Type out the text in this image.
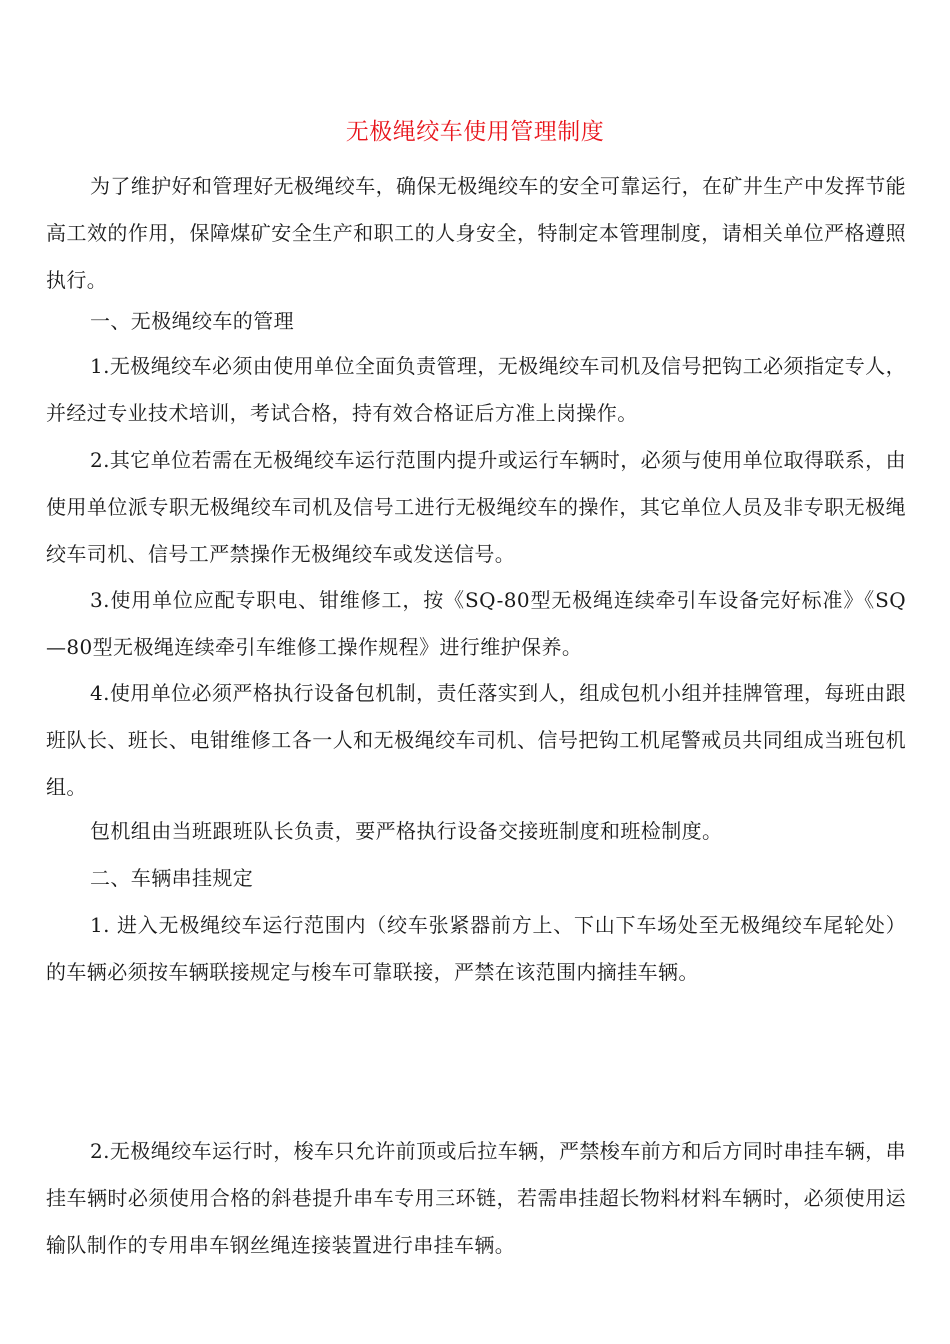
无极绳绞车使用管理制度
为了维护好和管理好无极绳绞车，确保无极绳绞车的安全可靠运行，在矿井生产中发挥节能高工效的作用，保障煤矿安全生产和职工的人身安全，特制定本管理制度，请相关单位严格遵照执行。
一、无极绳绞车的管理
1.无极绳绞车必须由使用单位全面负责管理，无极绳绞车司机及信号把钩工必须指定专人，并经过专业技术培训，考试合格，持有效合格证后方准上岗操作。
2.其它单位若需在无极绳绞车运行范围内提升或运行车辆时，必须与使用单位取得联系，由使用单位派专职无极绳绞车司机及信号工进行无极绳绞车的操作，其它单位人员及非专职无极绳绞车司机、信号工严禁操作无极绳绞车或发送信号。
3.使用单位应配专职电、钳维修工，按《SQ-80型无极绳连续牵引车设备完好标准》《SQ—80型无极绳连续牵引车维修工操作规程》进行维护保养。
4.使用单位必须严格执行设备包机制，责任落实到人，组成包机小组并挂牌管理，每班由跟班队长、班长、电钳维修工各一人和无极绳绞车司机、信号把钩工机尾警戒员共同组成当班包机组。
包机组由当班跟班队长负责，要严格执行设备交接班制度和班检制度。
二、车辆串挂规定
1. 进入无极绳绞车运行范围内（绞车张紧器前方上、下山下车场处至无极绳绞车尾轮处）的车辆必须按车辆联接规定与梭车可靠联接，严禁在该范围内摘挂车辆。
2.无极绳绞车运行时，梭车只允许前顶或后拉车辆，严禁梭车前方和后方同时串挂车辆，串挂车辆时必须使用合格的斜巷提升串车专用三环链，若需串挂超长物料材料车辆时，必须使用运输队制作的专用串车钢丝绳连接装置进行串挂车辆。
